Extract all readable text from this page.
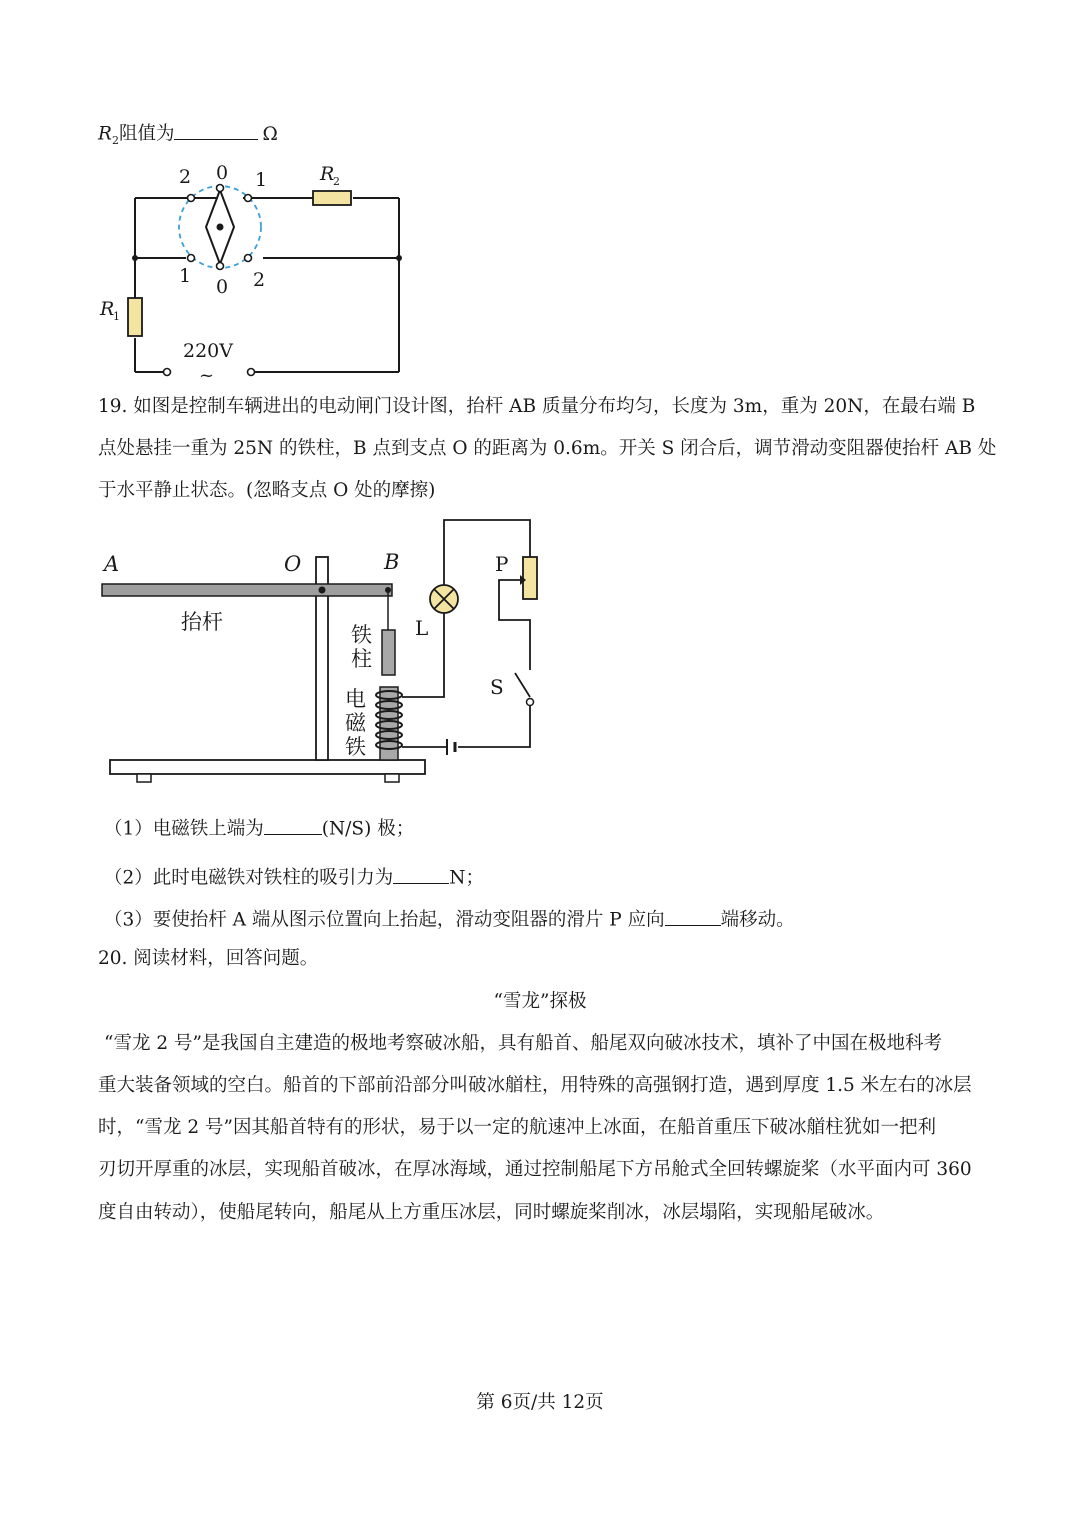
$R_2$阻值为	Ω
2 0 1
1 0 2
R
2
R
1
220V
~
19. 如图是控制车辆进出的电动闸门设计图，抬杆 AB 质量分布均匀，长度为 3m，重为 20N，在最右端 B
点处悬挂一重为 25N 的铁柱，B 点到支点 O 的距离为 0.6m。开关 S 闭合后，调节滑动变阻器使抬杆 AB 处
于水平静止状态。(忽略支点 O 处的摩擦)
A	O	B	P
L
S
抬杆
铁
柱
电
磁
铁
（1）电磁铁上端为	(N/S) 极；
（2）此时电磁铁对铁柱的吸引力为	N；
（3）要使抬杆 A 端从图示位置向上抬起，滑动变阻器的滑片 P 应向	端移动。
20. 阅读材料，回答问题。
“雪龙”探极
“雪龙 2 号”是我国自主建造的极地考察破冰船，具有船首、船尾双向破冰技术，填补了中国在极地科考
重大装备领域的空白。船首的下部前沿部分叫破冰艏柱，用特殊的高强钢打造，遇到厚度 1.5 米左右的冰层
时，“雪龙 2 号”因其船首特有的形状，易于以一定的航速冲上冰面，在船首重压下破冰艏柱犹如一把利
刃切开厚重的冰层，实现船首破冰，在厚冰海域，通过控制船尾下方吊舱式全回转螺旋桨（水平面内可 360
度自由转动），使船尾转向，船尾从上方重压冰层，同时螺旋桨削冰，冰层塌陷，实现船尾破冰。
第 6页/共 12页
